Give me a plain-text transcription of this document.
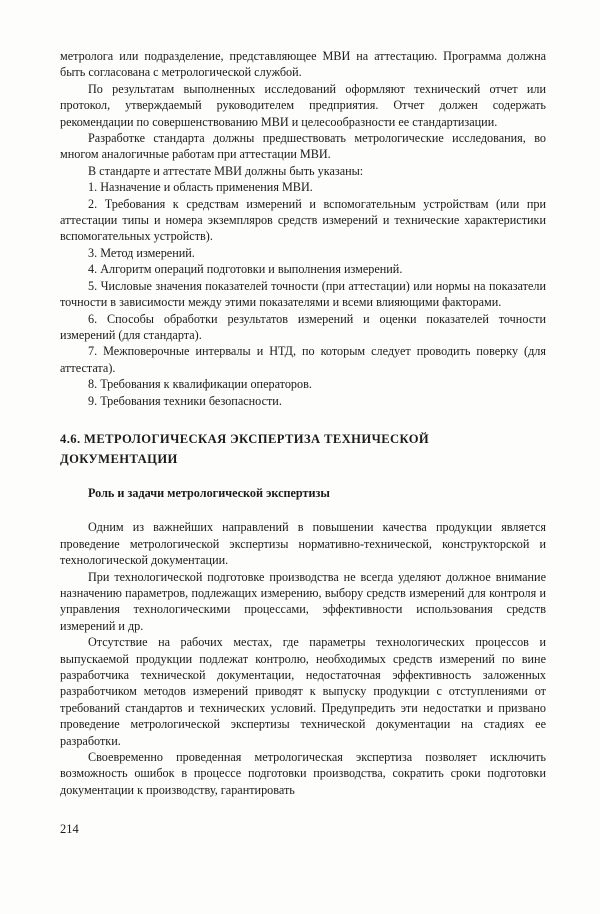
метролога или подразделение, представляющее МВИ на аттестацию. Программа должна быть согласована с метрологической службой.

По результатам выполненных исследований оформляют технический отчет или протокол, утверждаемый руководителем предприятия. Отчет должен содержать рекомендации по совершенствованию МВИ и целесообразности ее стандартизации.

Разработке стандарта должны предшествовать метрологические исследования, во многом аналогичные работам при аттестации МВИ.

В стандарте и аттестате МВИ должны быть указаны:

1. Назначение и область применения МВИ.

2. Требования к средствам измерений и вспомогательным устройствам (или при аттестации типы и номера экземпляров средств измерений и технические характеристики вспомогательных устройств).

3. Метод измерений.

4. Алгоритм операций подготовки и выполнения измерений.

5. Числовые значения показателей точности (при аттестации) или нормы на показатели точности в зависимости между этими показателями и всеми влияющими факторами.

6. Способы обработки результатов измерений и оценки показателей точности измерений (для стандарта).

7. Межповерочные интервалы и НТД, по которым следует проводить поверку (для аттестата).

8. Требования к квалификации операторов.

9. Требования техники безопасности.

4.6. МЕТРОЛОГИЧЕСКАЯ ЭКСПЕРТИЗА ТЕХНИЧЕСКОЙ ДОКУМЕНТАЦИИ

Роль и задачи метрологической экспертизы

Одним из важнейших направлений в повышении качества продукции является проведение метрологической экспертизы нормативно-технической, конструкторской и технологической документации.

При технологической подготовке производства не всегда уделяют должное внимание назначению параметров, подлежащих измерению, выбору средств измерений для контроля и управления технологическими процессами, эффективности использования средств измерений и др.

Отсутствие на рабочих местах, где параметры технологических процессов и выпускаемой продукции подлежат контролю, необходимых средств измерений по вине разработчика технической документации, недостаточная эффективность заложенных разработчиком методов измерений приводят к выпуску продукции с отступлениями от требований стандартов и технических условий. Предупредить эти недостатки и призвано проведение метрологической экспертизы технической документации на стадиях ее разработки.

Своевременно проведенная метрологическая экспертиза позволяет исключить возможность ошибок в процессе подготовки производства, сократить сроки подготовки документации к производству, гарантировать

214
